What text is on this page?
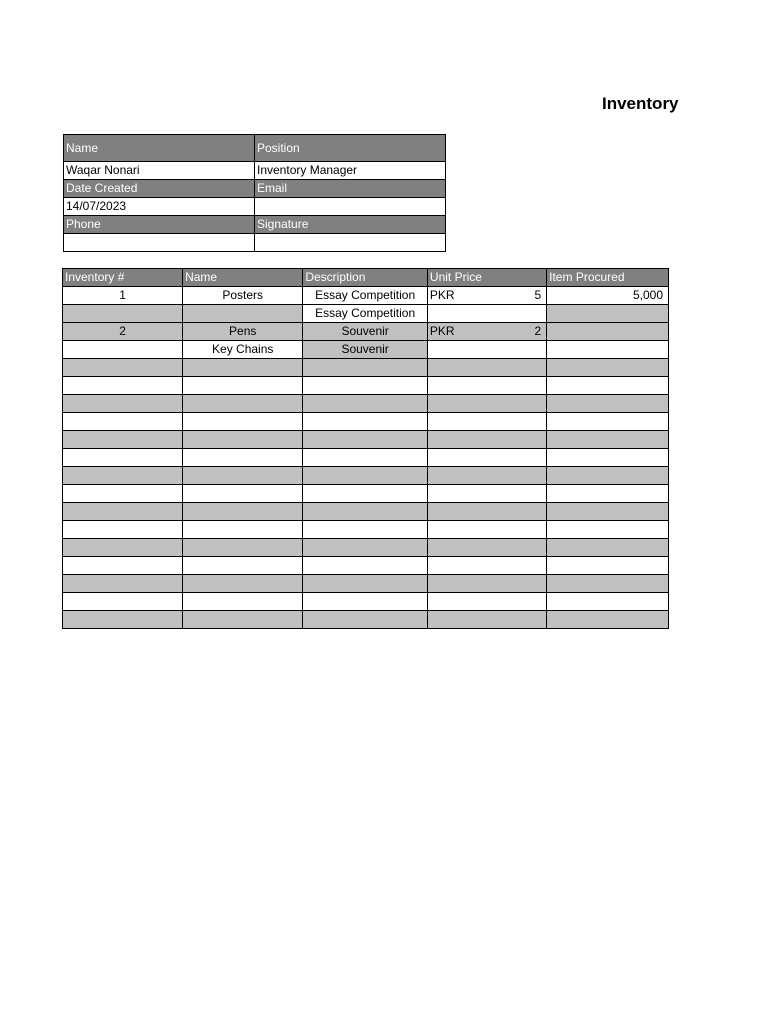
Inventory
Name	Position
Waqar Nonari	Inventory Manager
Date Created	Email
14/07/2023	
Phone	Signature

Inventory #	Name	Description	Unit Price	Item Procured
1	Posters	Essay Competition	PKR 5	5,000
		Essay Competition	

2	Pens	Souvenir	PKR 2	

	Key Chains	Souvenir	
